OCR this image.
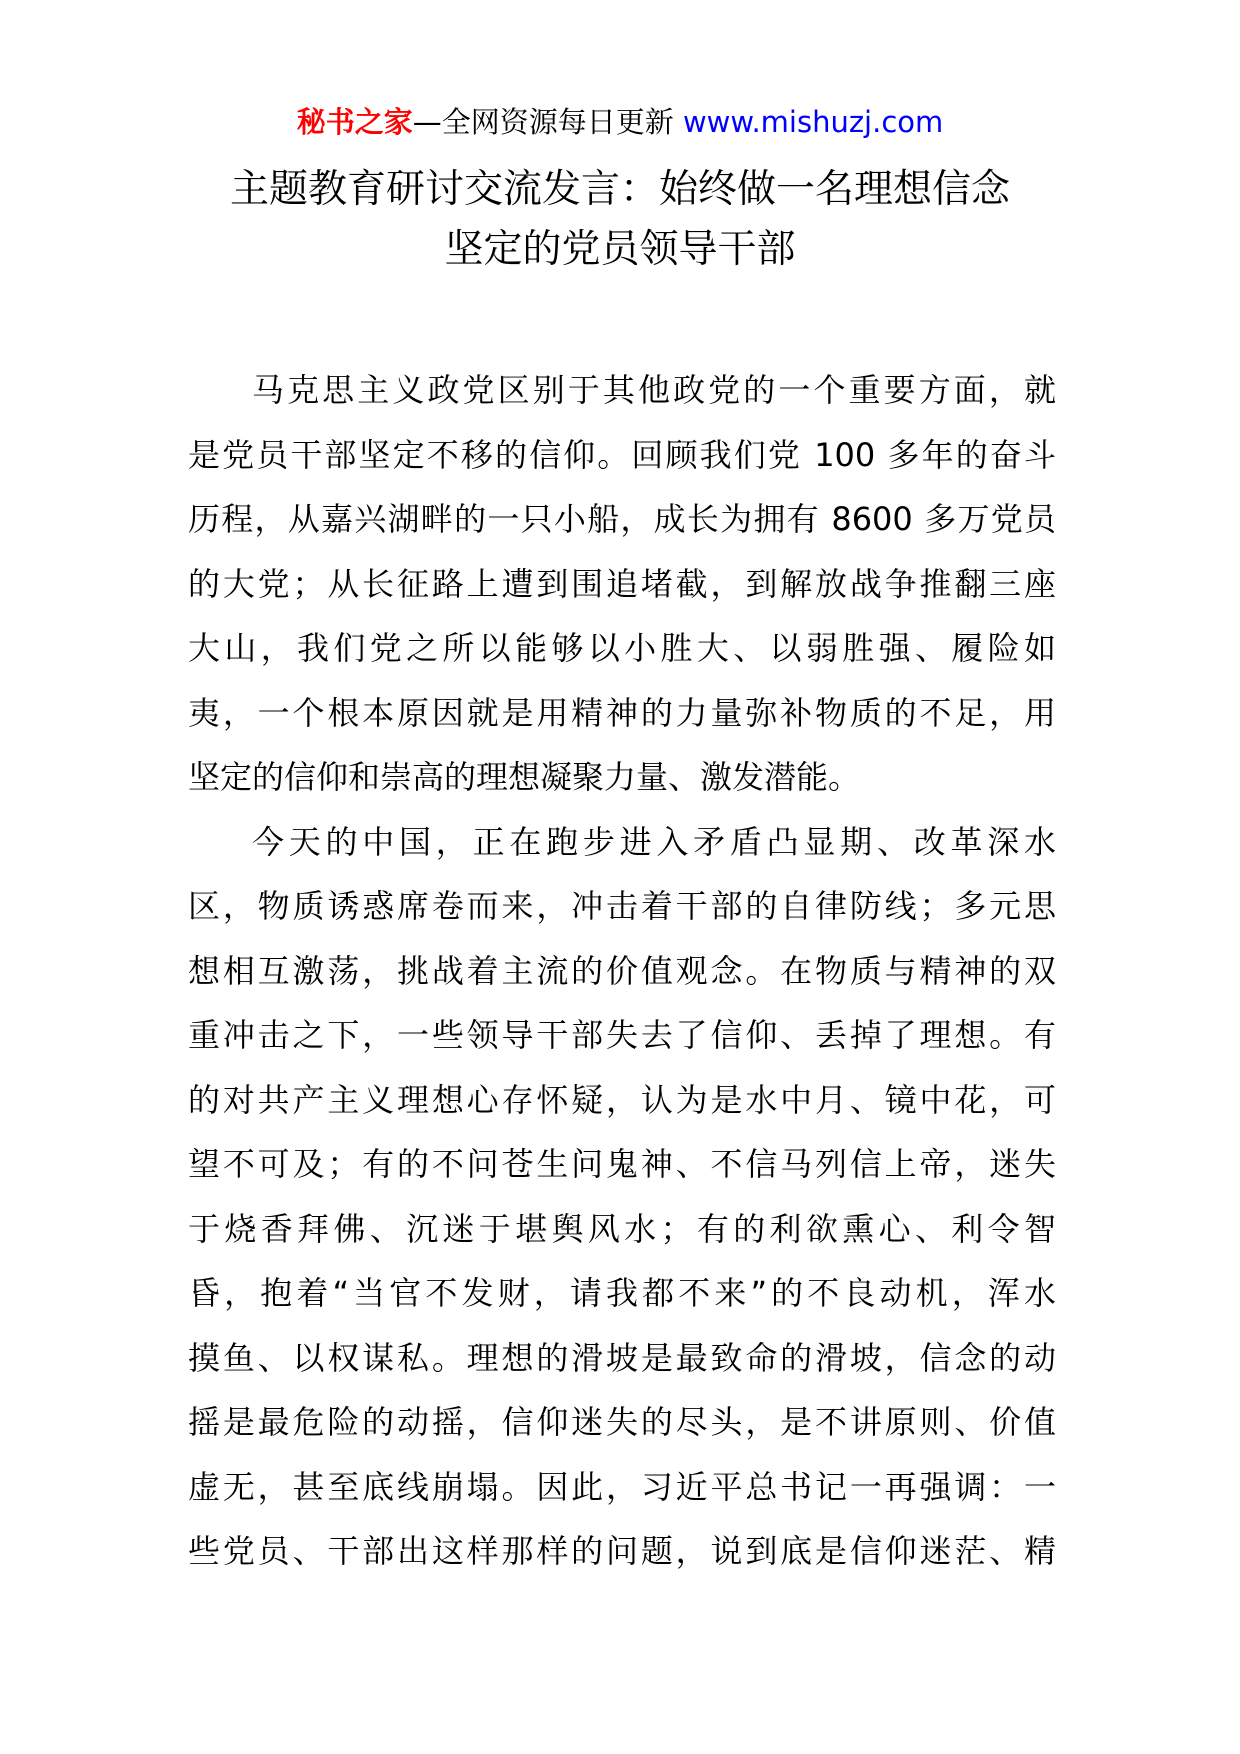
秘书之家—全网资源每日更新 www.mishuzj.com
主题教育研讨交流发言：始终做一名理想信念
坚定的党员领导干部
马克思主义政党区别于其他政党的一个重要方面，就
是党员干部坚定不移的信仰。回顾我们党 100 多年的奋斗
历程，从嘉兴湖畔的一只小船，成长为拥有 8600 多万党员
的大党；从长征路上遭到围追堵截，到解放战争推翻三座
大山，我们党之所以能够以小胜大、以弱胜强、履险如
夷，一个根本原因就是用精神的力量弥补物质的不足，用
坚定的信仰和崇高的理想凝聚力量、激发潜能。
今天的中国，正在跑步进入矛盾凸显期、改革深水
区，物质诱惑席卷而来，冲击着干部的自律防线；多元思
想相互激荡，挑战着主流的价值观念。在物质与精神的双
重冲击之下，一些领导干部失去了信仰、丢掉了理想。有
的对共产主义理想心存怀疑，认为是水中月、镜中花，可
望不可及；有的不问苍生问鬼神、不信马列信上帝，迷失
于烧香拜佛、沉迷于堪舆风水；有的利欲熏心、利令智
昏，抱着“当官不发财，请我都不来”的不良动机，浑水
摸鱼、以权谋私。理想的滑坡是最致命的滑坡，信念的动
摇是最危险的动摇，信仰迷失的尽头，是不讲原则、价值
虚无，甚至底线崩塌。因此，习近平总书记一再强调：一
些党员、干部出这样那样的问题，说到底是信仰迷茫、精
